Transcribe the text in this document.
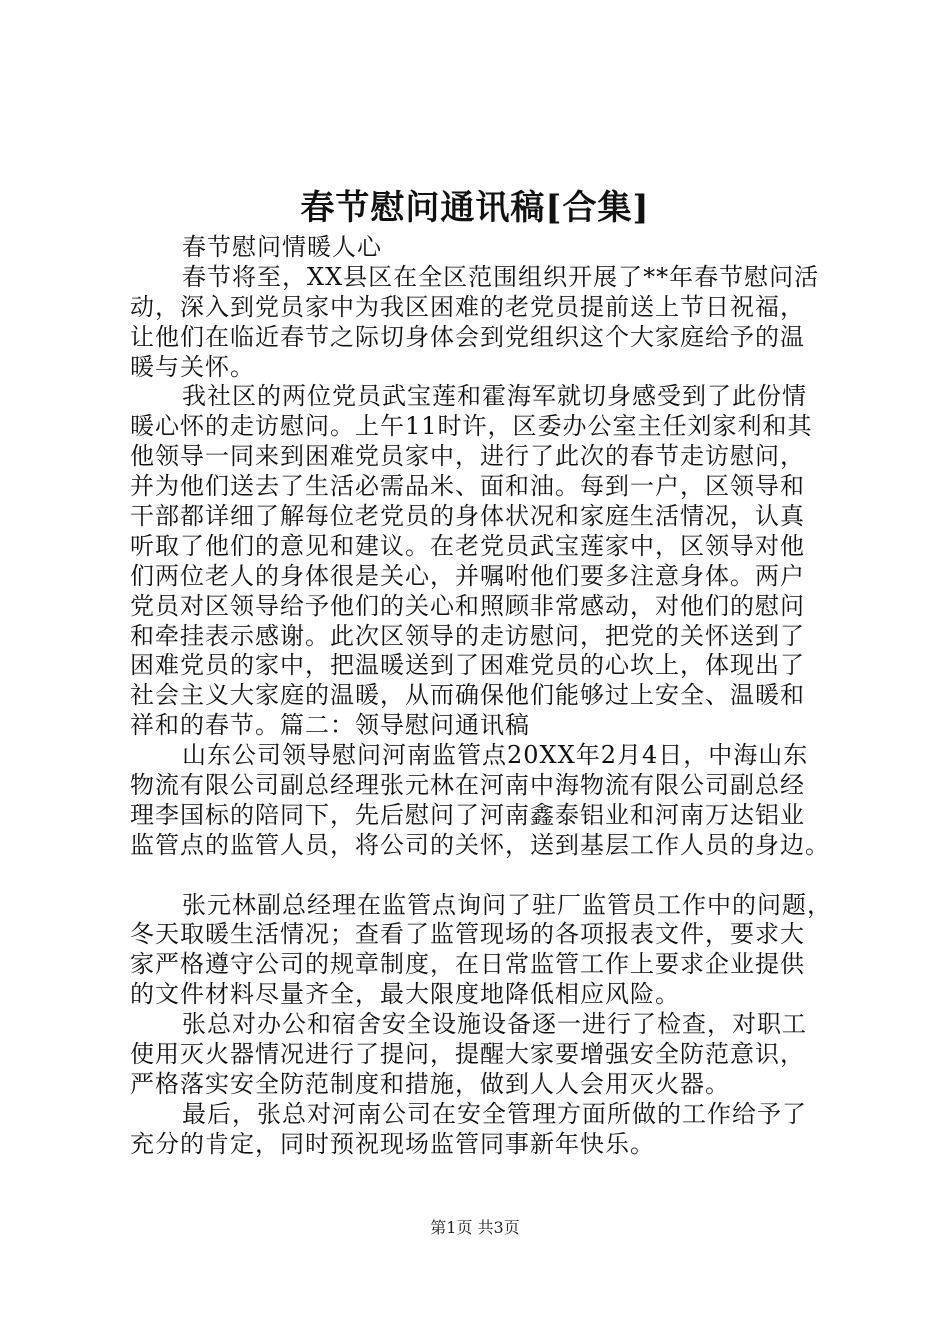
春节慰问通讯稿[合集]
春节慰问情暖人心
春节将至，XX县区在全区范围组织开展了**年春节慰问活
动，深入到党员家中为我区困难的老党员提前送上节日祝福，
让他们在临近春节之际切身体会到党组织这个大家庭给予的温
暖与关怀。
我社区的两位党员武宝莲和霍海军就切身感受到了此份情
暖心怀的走访慰问。上午11时许，区委办公室主任刘家利和其
他领导一同来到困难党员家中，进行了此次的春节走访慰问，
并为他们送去了生活必需品米、面和油。每到一户，区领导和
干部都详细了解每位老党员的身体状况和家庭生活情况，认真
听取了他们的意见和建议。在老党员武宝莲家中，区领导对他
们两位老人的身体很是关心，并嘱咐他们要多注意身体。两户
党员对区领导给予他们的关心和照顾非常感动，对他们的慰问
和牵挂表示感谢。此次区领导的走访慰问，把党的关怀送到了
困难党员的家中，把温暖送到了困难党员的心坎上，体现出了
社会主义大家庭的温暖，从而确保他们能够过上安全、温暖和
祥和的春节。篇二：领导慰问通讯稿
山东公司领导慰问河南监管点20XX年2月4日，中海山东
物流有限公司副总经理张元林在河南中海物流有限公司副总经
理李国标的陪同下，先后慰问了河南鑫泰铝业和河南万达铝业
监管点的监管人员，将公司的关怀，送到基层工作人员的身边。
张元林副总经理在监管点询问了驻厂监管员工作中的问题，
冬天取暖生活情况；查看了监管现场的各项报表文件，要求大
家严格遵守公司的规章制度，在日常监管工作上要求企业提供
的文件材料尽量齐全，最大限度地降低相应风险。
张总对办公和宿舍安全设施设备逐一进行了检查，对职工
使用灭火器情况进行了提问，提醒大家要增强安全防范意识，
严格落实安全防范制度和措施，做到人人会用灭火器。
最后，张总对河南公司在安全管理方面所做的工作给予了
充分的肯定，同时预祝现场监管同事新年快乐。
第1页 共3页
